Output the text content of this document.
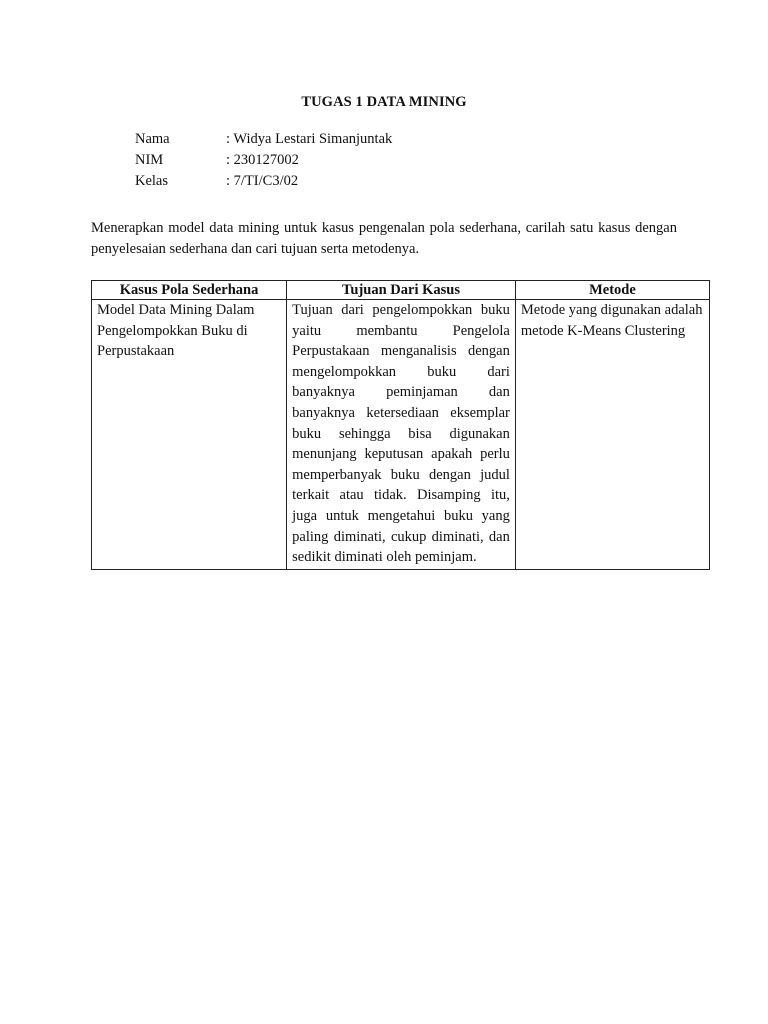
TUGAS 1 DATA MINING
Nama	: Widya Lestari Simanjuntak
NIM	: 230127002
Kelas	: 7/TI/C3/02
Menerapkan model data mining untuk kasus pengenalan pola sederhana, carilah satu kasus dengan penyelesaian sederhana dan cari tujuan serta metodenya.
Kasus Pola Sederhana	Tujuan Dari Kasus	Metode
Model Data Mining Dalam Pengelompokkan Buku di Perpustakaan	Tujuan dari pengelompokkan buku yaitu membantu Pengelola Perpustakaan menganalisis dengan mengelompokkan buku dari banyaknya peminjaman dan banyaknya ketersediaan eksemplar buku sehingga bisa digunakan menunjang keputusan apakah perlu memperbanyak buku dengan judul terkait atau tidak. Disamping itu, juga untuk mengetahui buku yang paling diminati, cukup diminati, dan sedikit diminati oleh peminjam.	Metode yang digunakan adalah metode K-Means Clustering
